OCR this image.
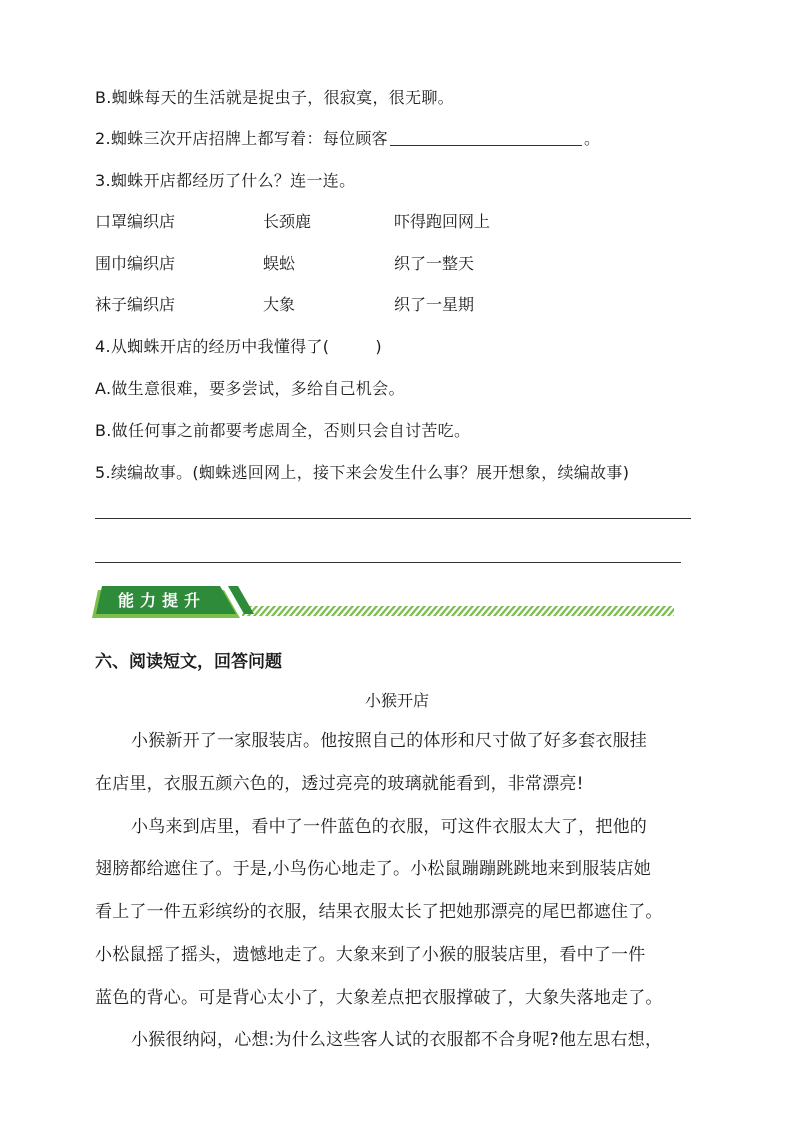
B.蜘蛛每天的生活就是捉虫子，很寂寞，很无聊。
2.蜘蛛三次开店招牌上都写着：每位顾客	。
3.蜘蛛开店都经历了什么？连一连。
口罩编织店	长颈鹿	吓得跑回网上
围巾编织店	蜈蚣	织了一整天
袜子编织店	大象	织了一星期
4.从蜘蛛开店的经历中我懂得了(	)
A.做生意很难，要多尝试，多给自己机会。
B.做任何事之前都要考虑周全，否则只会自讨苦吃。
5.续编故事。(蜘蛛逃回网上，接下来会发生什么事？展开想象，续编故事)
能力提升
六、阅读短文，回答问题
小猴开店
小猴新开了一家服装店。他按照自己的体形和尺寸做了好多套衣服挂
在店里，衣服五颜六色的，透过亮亮的玻璃就能看到，非常漂亮!
小鸟来到店里，看中了一件蓝色的衣服，可这件衣服太大了，把他的
翅膀都给遮住了。于是,小鸟伤心地走了。小松鼠蹦蹦跳跳地来到服装店她
看上了一件五彩缤纷的衣服，结果衣服太长了把她那漂亮的尾巴都遮住了。
小松鼠摇了摇头，遗憾地走了。大象来到了小猴的服装店里，看中了一件
蓝色的背心。可是背心太小了，大象差点把衣服撑破了，大象失落地走了。
小猴很纳闷，心想:为什么这些客人试的衣服都不合身呢?他左思右想，
